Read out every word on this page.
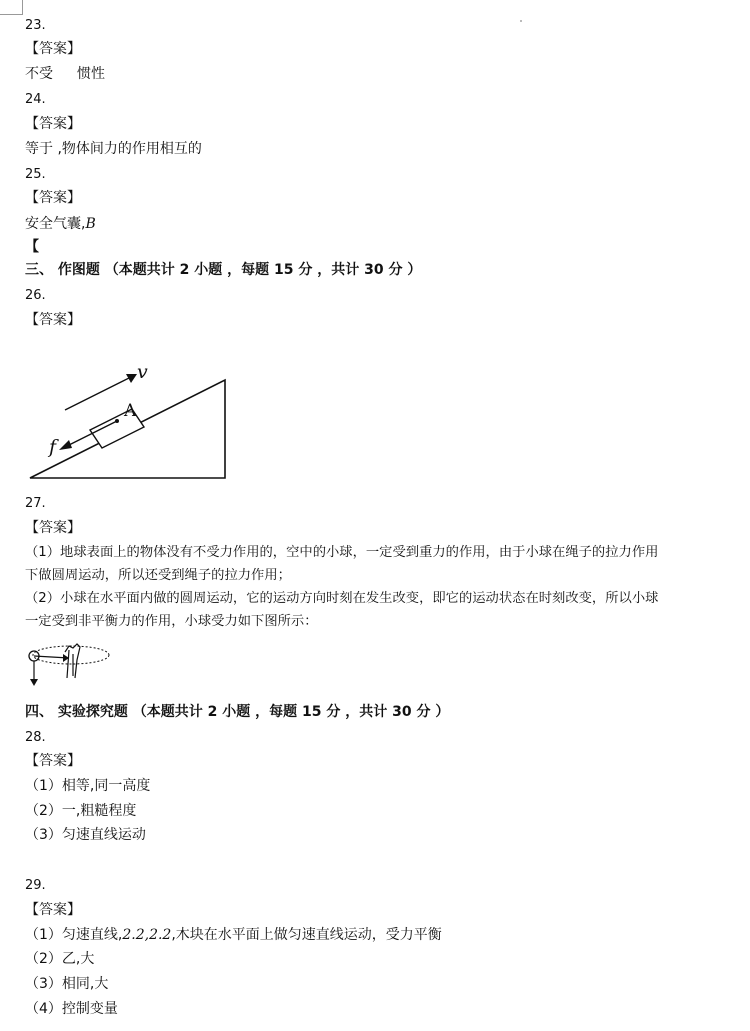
23.
【答案】
不受 惯性
24.
【答案】
等于 ,物体间力的作用相互的
25.
【答案】
安全气囊,B
【
三、 作图题 （本题共计 2 小题 ，每题 15 分 ，共计 30 分 ）
26.
【答案】
v
f
A
27.
【答案】
（1）地球表面上的物体没有不受力作用的，空中的小球，一定受到重力的作用，由于小球在绳子的拉力作用
下做圆周运动，所以还受到绳子的拉力作用；
（2）小球在水平面内做的圆周运动，它的运动方向时刻在发生改变，即它的运动状态在时刻改变，所以小球
一定受到非平衡力的作用，小球受力如下图所示：
四、 实验探究题 （本题共计 2 小题 ，每题 15 分 ，共计 30 分 ）
28.
【答案】
（1）相等,同一高度
（2）一,粗糙程度
（3）匀速直线运动
29.
【答案】
（1）匀速直线,2.2,2.2,木块在水平面上做匀速直线运动，受力平衡
（2）乙,大
（3）相同,大
（4）控制变量
